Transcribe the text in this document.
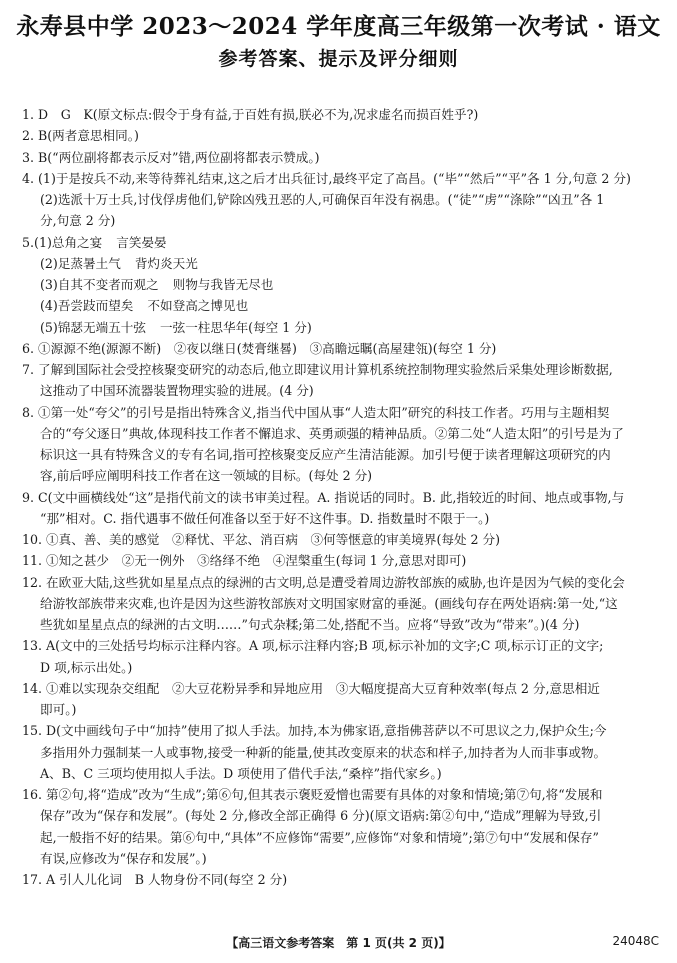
永寿县中学 2023～2024 学年度高三年级第一次考试 · 语文
参考答案、提示及评分细则

1. D　G　K(原文标点:假令于身有益,于百姓有损,朕必不为,况求虚名而损百姓乎?)

2. B(两者意思相同。)

3. B(“两位副将都表示反对”错,两位副将都表示赞成。)

4. (1)于是按兵不动,来等待葬礼结束,这之后才出兵征讨,最终平定了高昌。(“毕”“然后”“平”各 1 分,句意 2 分)

(2)选派十万士兵,讨伐俘虏他们,铲除凶残丑恶的人,可确保百年没有祸患。(“徒”“虏”“涤除”“凶丑”各 1

分,句意 2 分)

5.(1)总角之宴 言笑晏晏

(2)足蒸暑土气 背灼炎天光

(3)自其不变者而观之 则物与我皆无尽也

(4)吾尝跂而望矣 不如登高之博见也

(5)锦瑟无端五十弦 一弦一柱思华年(每空 1 分)

6. ①源源不绝(源源不断)　②夜以继日(焚膏继晷)　③高瞻远瞩(高屋建瓴)(每空 1 分)

7. 了解到国际社会受控核聚变研究的动态后,他立即建议用计算机系统控制物理实验然后采集处理诊断数据,

这推动了中国环流器装置物理实验的进展。(4 分)

8. ①第一处“夸父”的引号是指出特殊含义,指当代中国从事“人造太阳”研究的科技工作者。巧用与主题相契

合的“夸父逐日”典故,体现科技工作者不懈追求、英勇顽强的精神品质。②第二处“人造太阳”的引号是为了

标识这一具有特殊含义的专有名词,指可控核聚变反应产生清洁能源。加引号便于读者理解这项研究的内

容,前后呼应阐明科技工作者在这一领域的目标。(每处 2 分)

9. C(文中画横线处“这”是指代前文的读书审美过程。A. 指说话的同时。B. 此,指较近的时间、地点或事物,与

“那”相对。C. 指代遇事不做任何准备以至于好不这件事。D. 指数量时不限于一。)

10. ①真、善、美的感觉　②释忧、平忿、消百病　③何等惬意的审美境界(每处 2 分)

11. ①知之甚少　②无一例外　③络绎不绝　④涅槃重生(每词 1 分,意思对即可)

12. 在欧亚大陆,这些犹如星星点点的绿洲的古文明,总是遭受着周边游牧部族的威胁,也许是因为气候的变化会

给游牧部族带来灾难,也许是因为这些游牧部族对文明国家财富的垂涎。(画线句存在两处语病:第一处,“这

些犹如星星点点的绿洲的古文明……”句式杂糅;第二处,搭配不当。应将“导致”改为“带来”。)(4 分)

13. A(文中的三处括号均标示注释内容。A 项,标示注释内容;B 项,标示补加的文字;C 项,标示订正的文字;

D 项,标示出处。)

14. ①难以实现杂交组配　②大豆花粉异季和异地应用　③大幅度提高大豆育种效率(每点 2 分,意思相近

即可。)

15. D(文中画线句子中“加持”使用了拟人手法。加持,本为佛家语,意指佛菩萨以不可思议之力,保护众生;今

多指用外力强制某一人或事物,接受一种新的能量,使其改变原来的状态和样子,加持者为人而非事或物。

A、B、C 三项均使用拟人手法。D 项使用了借代手法,“桑梓”指代家乡。)

16. 第②句,将“造成”改为“生成”;第⑥句,但其表示褒贬爱憎也需要有具体的对象和情境;第⑦句,将“发展和

保存”改为“保存和发展”。(每处 2 分,修改全部正确得 6 分)(原文语病:第②句中,“造成”理解为导致,引

起,一般指不好的结果。第⑥句中,“具体”不应修饰“需要”,应修饰“对象和情境”;第⑦句中“发展和保存”

有误,应修改为“保存和发展”。)

17. A 引人儿化词　B 人物身份不同(每空 2 分)

【高三语文参考答案　第 1 页(共 2 页)】	24048C
